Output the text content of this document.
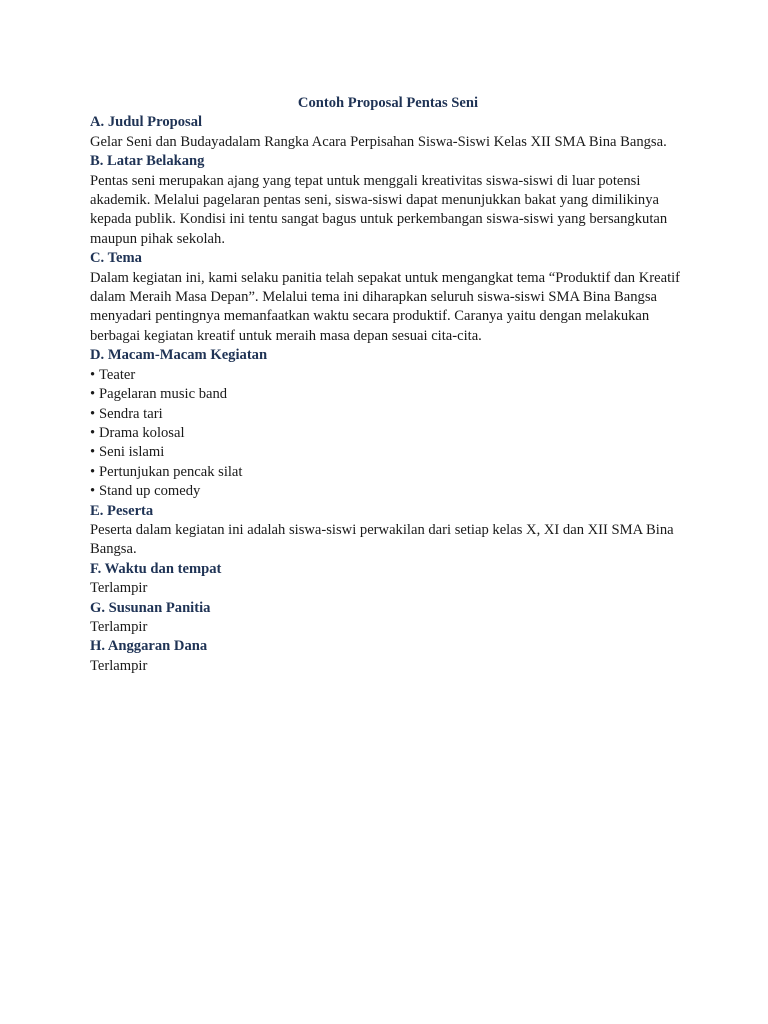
Contoh Proposal Pentas Seni

A. Judul Proposal

Gelar Seni dan Budayadalam Rangka Acara Perpisahan Siswa-Siswi Kelas XII SMA Bina Bangsa.

B. Latar Belakang

Pentas seni merupakan ajang yang tepat untuk menggali kreativitas siswa-siswi di luar potensi akademik. Melalui pagelaran pentas seni, siswa-siswi dapat menunjukkan bakat yang dimilikinya kepada publik. Kondisi ini tentu sangat bagus untuk perkembangan siswa-siswi yang bersangkutan maupun pihak sekolah.

C. Tema

Dalam kegiatan ini, kami selaku panitia telah sepakat untuk mengangkat tema “Produktif dan Kreatif dalam Meraih Masa Depan”. Melalui tema ini diharapkan seluruh siswa-siswi SMA Bina Bangsa menyadari pentingnya memanfaatkan waktu secara produktif. Caranya yaitu dengan melakukan berbagai kegiatan kreatif untuk meraih masa depan sesuai cita-cita.

D. Macam-Macam Kegiatan

• Teater
• Pagelaran music band
• Sendra tari
• Drama kolosal
• Seni islami
• Pertunjukan pencak silat
• Stand up comedy

E. Peserta

Peserta dalam kegiatan ini adalah siswa-siswi perwakilan dari setiap kelas X, XI dan XII SMA Bina Bangsa.

F. Waktu dan tempat

Terlampir

G. Susunan Panitia

Terlampir

H. Anggaran Dana

Terlampir
